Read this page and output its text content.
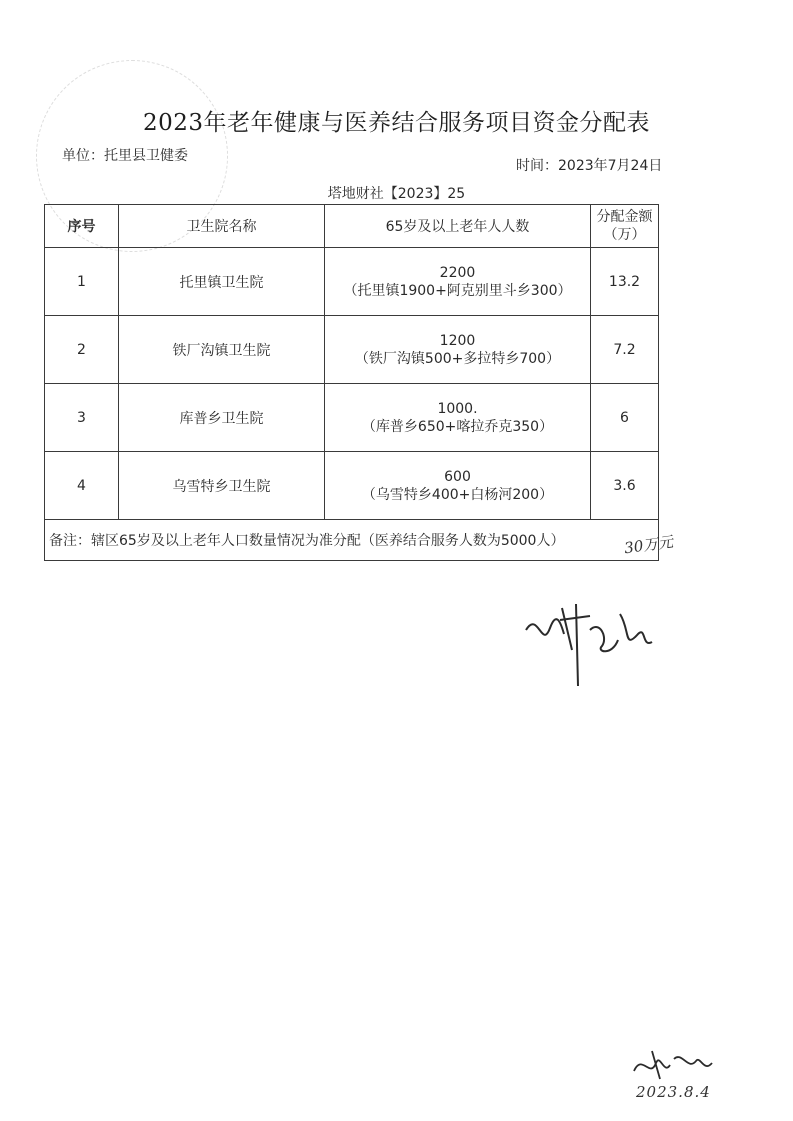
2023年老年健康与医养结合服务项目资金分配表
单位：托里县卫健委
时间：2023年7月24日
塔地财社【2023】25
序号	卫生院名称	65岁及以上老年人人数	分配金额
（万）

1	托里镇卫生院	2200
（托里镇1900+阿克别里斗乡300）	13.2
2	铁厂沟镇卫生院	1200
（铁厂沟镇500+多拉特乡700）	7.2
3	库普乡卫生院	1000.
（库普乡650+喀拉乔克350）	6
4	乌雪特乡卫生院	600
（乌雪特乡400+白杨河200）	3.6
备注：辖区65岁及以上老年人口数量情况为准分配（医养结合服务人数为5000人）				30万元
2023.8.4
